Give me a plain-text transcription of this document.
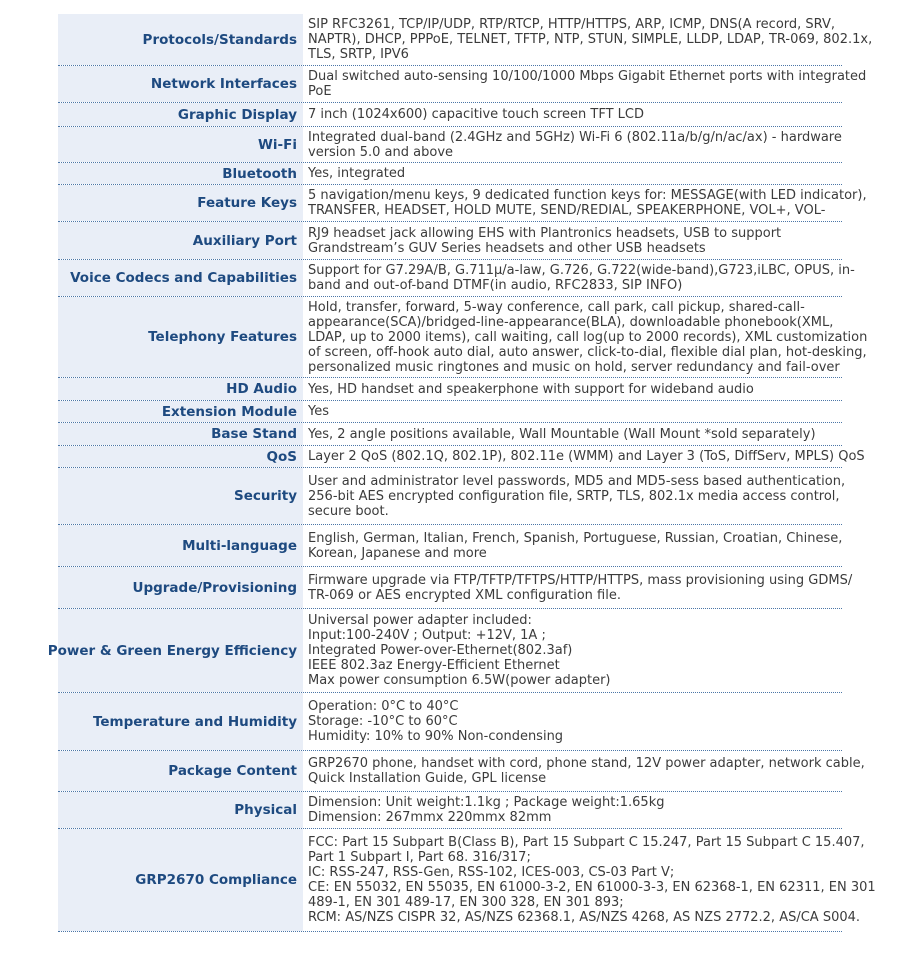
Protocols/Standards
SIP RFC3261, TCP/IP/UDP, RTP/RTCP, HTTP/HTTPS, ARP, ICMP, DNS(A record, SRV,
NAPTR), DHCP, PPPoE, TELNET, TFTP, NTP, STUN, SIMPLE, LLDP, LDAP, TR-069, 802.1x,
TLS, SRTP, IPV6
Network Interfaces Dual switched auto-sensing 10/100/1000 Mbps Gigabit Ethernet ports with integrated
PoE
Graphic Display 7 inch (1024x600) capacitive touch screen TFT LCD
Wi-Fi Integrated dual-band (2.4GHz and 5GHz) Wi-Fi 6 (802.11a/b/g/n/ac/ax) - hardware
version 5.0 and above
Bluetooth Yes, integrated
Feature Keys 5 navigation/menu keys, 9 dedicated function keys for: MESSAGE(with LED indicator),
TRANSFER, HEADSET, HOLD MUTE, SEND/REDIAL, SPEAKERPHONE, VOL+, VOL-
Auxiliary Port RJ9 headset jack allowing EHS with Plantronics headsets, USB to support
Grandstream’s GUV Series headsets and other USB headsets
Voice Codecs and Capabilities Support for G7.29A/B, G.711µ/a-law, G.726, G.722(wide-band),G723,iLBC, OPUS, in-
band and out-of-band DTMF(in audio, RFC2833, SIP INFO)
Telephony Features
Hold, transfer, forward, 5-way conference, call park, call pickup, shared-call-
appearance(SCA)/bridged-line-appearance(BLA), downloadable phonebook(XML,
LDAP, up to 2000 items), call waiting, call log(up to 2000 records), XML customization
of screen, off-hook auto dial, auto answer, click-to-dial, flexible dial plan, hot-desking,
personalized music ringtones and music on hold, server redundancy and fail-over
HD Audio Yes, HD handset and speakerphone with support for wideband audio
Extension Module Yes
Base Stand Yes, 2 angle positions available, Wall Mountable (Wall Mount *sold separately)
QoS Layer 2 QoS (802.1Q, 802.1P), 802.11e (WMM) and Layer 3 (ToS, DiffServ, MPLS) QoS
Security
User and administrator level passwords, MD5 and MD5-sess based authentication,
256-bit AES encrypted configuration file, SRTP, TLS, 802.1x media access control,
secure boot.
Multi-language English, German, Italian, French, Spanish, Portuguese, Russian, Croatian, Chinese,
Korean, Japanese and more
Upgrade/Provisioning Firmware upgrade via FTP/TFTP/TFTPS/HTTP/HTTPS, mass provisioning using GDMS/
TR-069 or AES encrypted XML configuration file.
Power & Green Energy Efficiency
Universal power adapter included:
Input:100-240V ; Output: +12V, 1A ;
Integrated Power-over-Ethernet(802.3af)
IEEE 802.3az Energy-Efficient Ethernet
Max power consumption 6.5W(power adapter)
Temperature and Humidity
Operation: 0°C to 40°C
Storage: -10°C to 60°C
Humidity: 10% to 90% Non-condensing
Package Content GRP2670 phone, handset with cord, phone stand, 12V power adapter, network cable,
Quick Installation Guide, GPL license
Physical Dimension: Unit weight:1.1kg ; Package weight:1.65kg
Dimension: 267mmx 220mmx 82mm
GRP2670 Compliance
FCC: Part 15 Subpart B(Class B), Part 15 Subpart C 15.247, Part 15 Subpart C 15.407,
Part 1 Subpart I, Part 68. 316/317;
IC: RSS-247, RSS-Gen, RSS-102, ICES-003, CS-03 Part V;
CE: EN 55032, EN 55035, EN 61000-3-2, EN 61000-3-3, EN 62368-1, EN 62311, EN 301
489-1, EN 301 489-17, EN 300 328, EN 301 893;
RCM: AS/NZS CISPR 32, AS/NZS 62368.1, AS/NZS 4268, AS NZS 2772.2, AS/CA S004.
